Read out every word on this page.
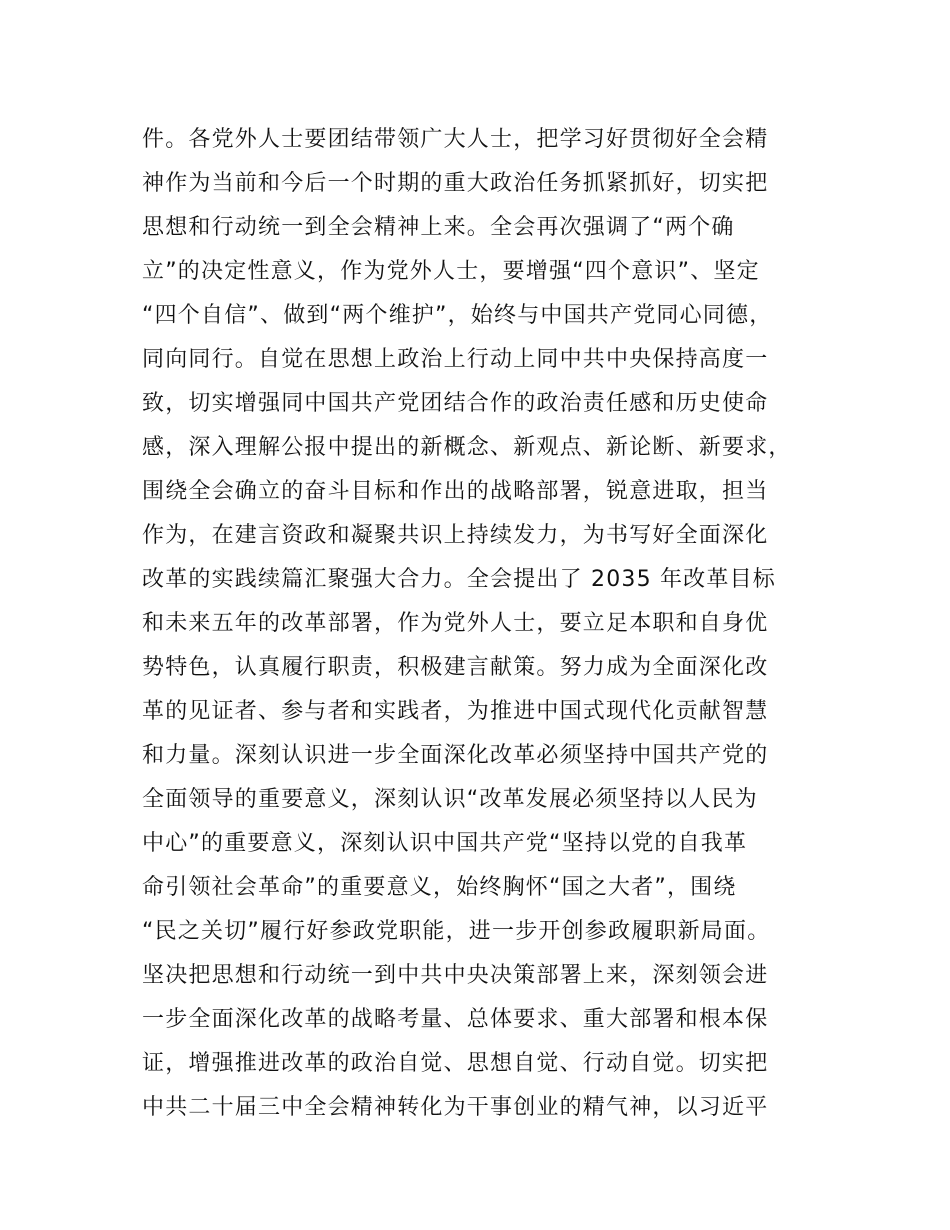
件。各党外人士要团结带领广大人士，把学习好贯彻好全会精
神作为当前和今后一个时期的重大政治任务抓紧抓好，切实把
思想和行动统一到全会精神上来。全会再次强调了“两个确
立”的决定性意义，作为党外人士，要增强“四个意识”、坚定
“四个自信”、做到“两个维护”，始终与中国共产党同心同德，
同向同行。自觉在思想上政治上行动上同中共中央保持高度一
致，切实增强同中国共产党团结合作的政治责任感和历史使命
感，深入理解公报中提出的新概念、新观点、新论断、新要求，
围绕全会确立的奋斗目标和作出的战略部署，锐意进取，担当
作为，在建言资政和凝聚共识上持续发力，为书写好全面深化
改革的实践续篇汇聚强大合力。全会提出了 2035 年改革目标
和未来五年的改革部署，作为党外人士，要立足本职和自身优
势特色，认真履行职责，积极建言献策。努力成为全面深化改
革的见证者、参与者和实践者，为推进中国式现代化贡献智慧
和力量。深刻认识进一步全面深化改革必须坚持中国共产党的
全面领导的重要意义，深刻认识“改革发展必须坚持以人民为
中心”的重要意义，深刻认识中国共产党“坚持以党的自我革
命引领社会革命”的重要意义，始终胸怀“国之大者”，围绕
“民之关切”履行好参政党职能，进一步开创参政履职新局面。
坚决把思想和行动统一到中共中央决策部署上来，深刻领会进
一步全面深化改革的战略考量、总体要求、重大部署和根本保
证，增强推进改革的政治自觉、思想自觉、行动自觉。切实把
中共二十届三中全会精神转化为干事创业的精气神，以习近平
